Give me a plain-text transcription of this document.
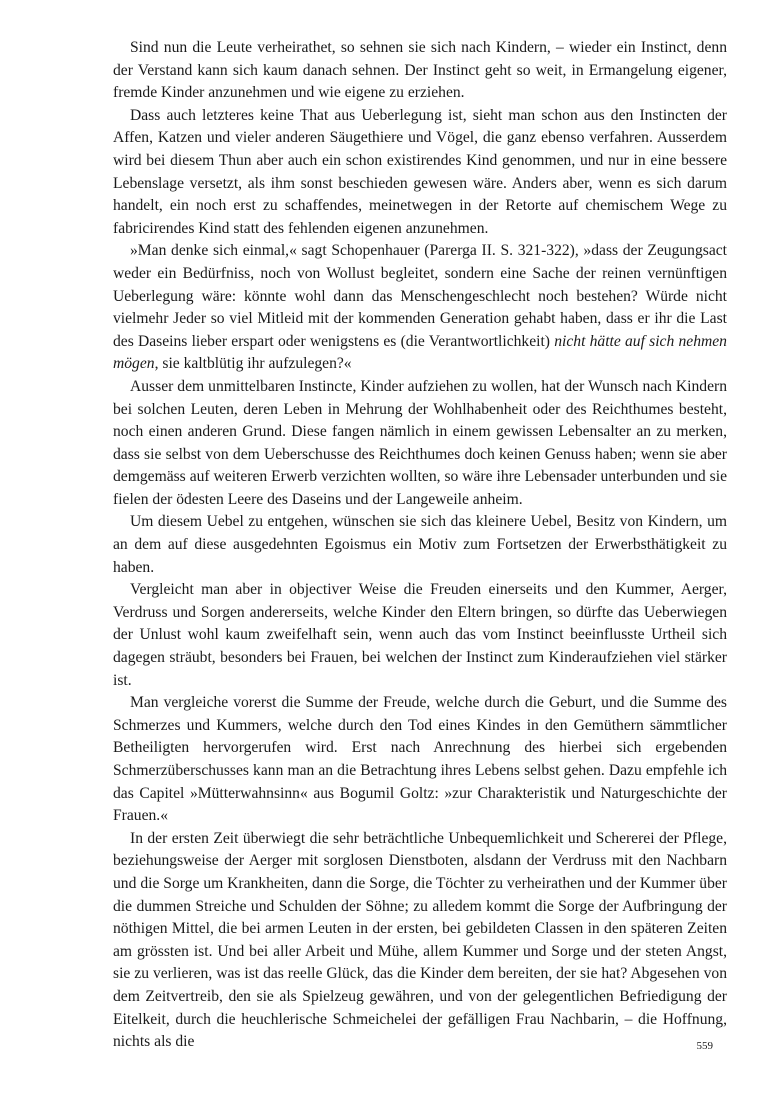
Sind nun die Leute verheirathet, so sehnen sie sich nach Kindern, – wieder ein Instinct, denn der Verstand kann sich kaum danach sehnen. Der Instinct geht so weit, in Ermangelung eigener, fremde Kinder anzunehmen und wie eigene zu erziehen.

Dass auch letzteres keine That aus Ueberlegung ist, sieht man schon aus den Instincten der Affen, Katzen und vieler anderen Säugethiere und Vögel, die ganz ebenso verfahren. Ausserdem wird bei diesem Thun aber auch ein schon existirendes Kind genommen, und nur in eine bessere Lebenslage versetzt, als ihm sonst beschieden gewesen wäre. Anders aber, wenn es sich darum handelt, ein noch erst zu schaffendes, meinetwegen in der Retorte auf chemischem Wege zu fabricirendes Kind statt des fehlenden eigenen anzunehmen.

»Man denke sich einmal,« sagt Schopenhauer (Parerga II. S. 321-322), »dass der Zeugungsact weder ein Bedürfniss, noch von Wollust begleitet, sondern eine Sache der reinen vernünftigen Ueberlegung wäre: könnte wohl dann das Menschengeschlecht noch bestehen? Würde nicht vielmehr Jeder so viel Mitleid mit der kommenden Generation gehabt haben, dass er ihr die Last des Daseins lieber erspart oder wenigstens es (die Verantwortlichkeit) nicht hätte auf sich nehmen mögen, sie kaltblütig ihr aufzulegen?«

Ausser dem unmittelbaren Instincte, Kinder aufziehen zu wollen, hat der Wunsch nach Kindern bei solchen Leuten, deren Leben in Mehrung der Wohlhabenheit oder des Reichthumes besteht, noch einen anderen Grund. Diese fangen nämlich in einem gewissen Lebensalter an zu merken, dass sie selbst von dem Ueberschusse des Reichthumes doch keinen Genuss haben; wenn sie aber demgemäss auf weiteren Erwerb verzichten wollten, so wäre ihre Lebensader unterbunden und sie fielen der ödesten Leere des Daseins und der Langeweile anheim.

Um diesem Uebel zu entgehen, wünschen sie sich das kleinere Uebel, Besitz von Kindern, um an dem auf diese ausgedehnten Egoismus ein Motiv zum Fortsetzen der Erwerbsthätigkeit zu haben.

Vergleicht man aber in objectiver Weise die Freuden einerseits und den Kummer, Aerger, Verdruss und Sorgen andererseits, welche Kinder den Eltern bringen, so dürfte das Ueberwiegen der Unlust wohl kaum zweifelhaft sein, wenn auch das vom Instinct beeinflusste Urtheil sich dagegen sträubt, besonders bei Frauen, bei welchen der Instinct zum Kinderaufziehen viel stärker ist.

Man vergleiche vorerst die Summe der Freude, welche durch die Geburt, und die Summe des Schmerzes und Kummers, welche durch den Tod eines Kindes in den Gemüthern sämmtlicher Betheiligten hervorgerufen wird. Erst nach Anrechnung des hierbei sich ergebenden Schmerzüberschusses kann man an die Betrachtung ihres Lebens selbst gehen. Dazu empfehle ich das Capitel »Mütterwahnsinn« aus Bogumil Goltz: »zur Charakteristik und Naturgeschichte der Frauen.«

In der ersten Zeit überwiegt die sehr beträchtliche Unbequemlichkeit und Schererei der Pflege, beziehungsweise der Aerger mit sorglosen Dienstboten, alsdann der Verdruss mit den Nachbarn und die Sorge um Krankheiten, dann die Sorge, die Töchter zu verheirathen und der Kummer über die dummen Streiche und Schulden der Söhne; zu alledem kommt die Sorge der Aufbringung der nöthigen Mittel, die bei armen Leuten in der ersten, bei gebildeten Classen in den späteren Zeiten am grössten ist. Und bei aller Arbeit und Mühe, allem Kummer und Sorge und der steten Angst, sie zu verlieren, was ist das reelle Glück, das die Kinder dem bereiten, der sie hat? Abgesehen von dem Zeitvertreib, den sie als Spielzeug gewähren, und von der gelegentlichen Befriedigung der Eitelkeit, durch die heuchlerische Schmeichelei der gefälligen Frau Nachbarin, – die Hoffnung, nichts als die	559
